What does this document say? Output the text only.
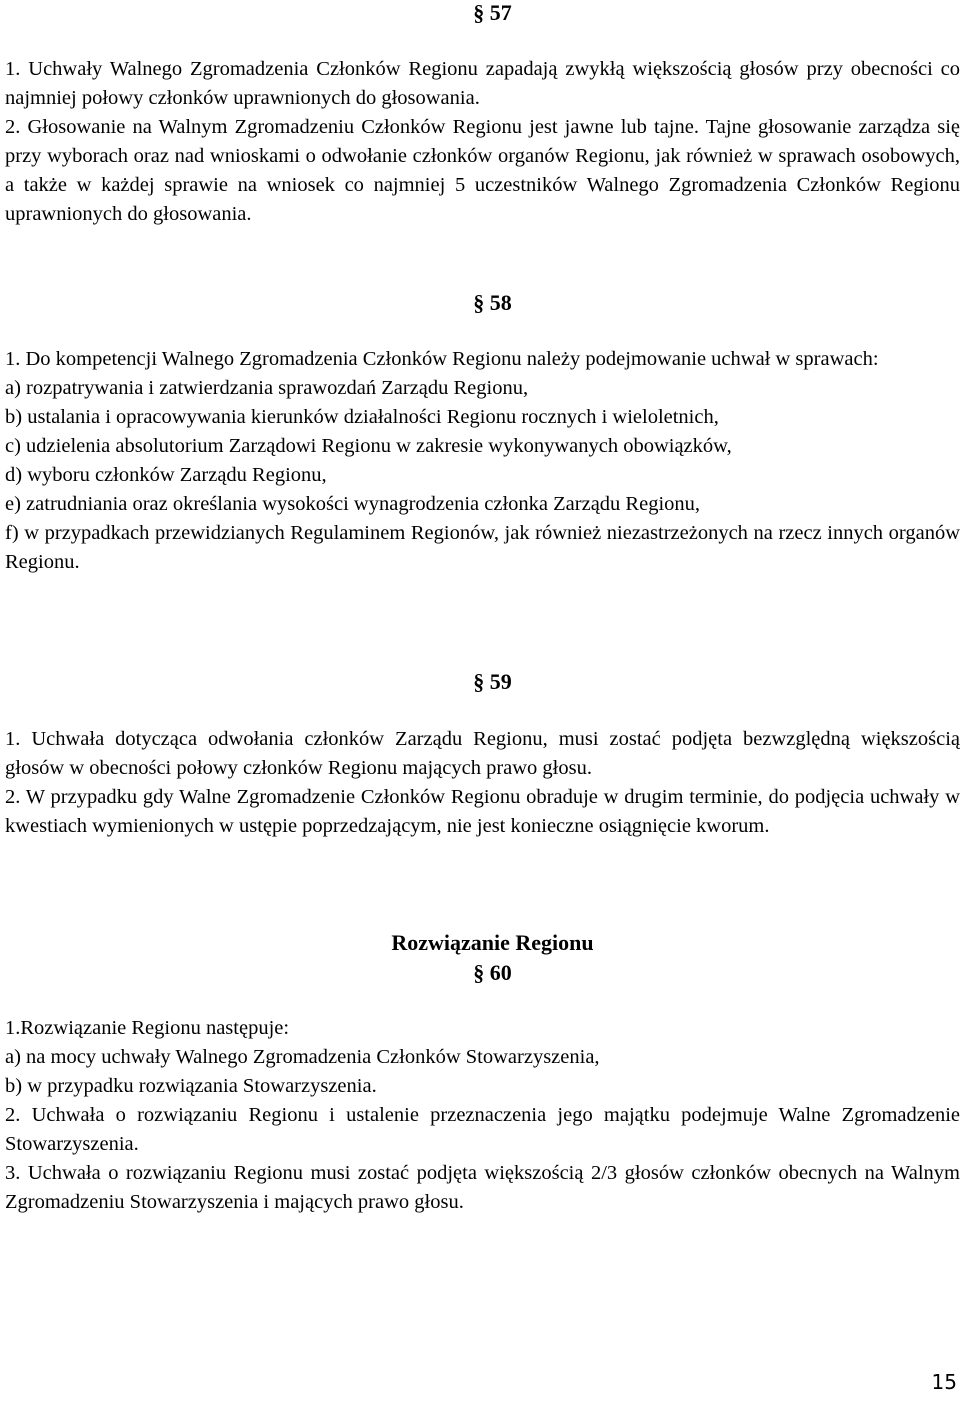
§ 57

1. Uchwały Walnego Zgromadzenia Członków Regionu zapadają zwykłą większością głosów przy obecności co najmniej połowy członków uprawnionych do głosowania.

2. Głosowanie na Walnym Zgromadzeniu Członków Regionu jest jawne lub tajne. Tajne głosowanie zarządza się przy wyborach oraz nad wnioskami o odwołanie członków organów Regionu, jak również w sprawach osobowych, a także w każdej sprawie na wniosek co najmniej 5 uczestników Walnego Zgromadzenia Członków Regionu uprawnionych do głosowania.

§ 58

1. Do kompetencji Walnego Zgromadzenia Członków Regionu należy podejmowanie uchwał w sprawach:

a) rozpatrywania i zatwierdzania sprawozdań Zarządu Regionu,

b) ustalania i opracowywania kierunków działalności Regionu rocznych i wieloletnich,

c) udzielenia absolutorium Zarządowi Regionu w zakresie wykonywanych obowiązków,

d) wyboru członków Zarządu Regionu,

e) zatrudniania oraz określania wysokości wynagrodzenia członka Zarządu Regionu,

f) w przypadkach przewidzianych Regulaminem Regionów, jak również niezastrzeżonych na rzecz innych organów Regionu.

§ 59

1. Uchwała dotycząca odwołania członków Zarządu Regionu, musi zostać podjęta bezwzględną większością głosów w obecności połowy członków Regionu mających prawo głosu.

2. W przypadku gdy Walne Zgromadzenie Członków Regionu obraduje w drugim terminie, do podjęcia uchwały w kwestiach wymienionych w ustępie poprzedzającym, nie jest konieczne osiągnięcie kworum.

Rozwiązanie Regionu

§ 60

1.Rozwiązanie Regionu następuje:

a) na mocy uchwały Walnego Zgromadzenia Członków Stowarzyszenia,

b) w przypadku rozwiązania Stowarzyszenia.

2. Uchwała o rozwiązaniu Regionu i ustalenie przeznaczenia jego majątku podejmuje Walne Zgromadzenie Stowarzyszenia.

3. Uchwała o rozwiązaniu Regionu musi zostać podjęta większością 2/3 głosów członków obecnych na Walnym Zgromadzeniu Stowarzyszenia i mających prawo głosu.

15
